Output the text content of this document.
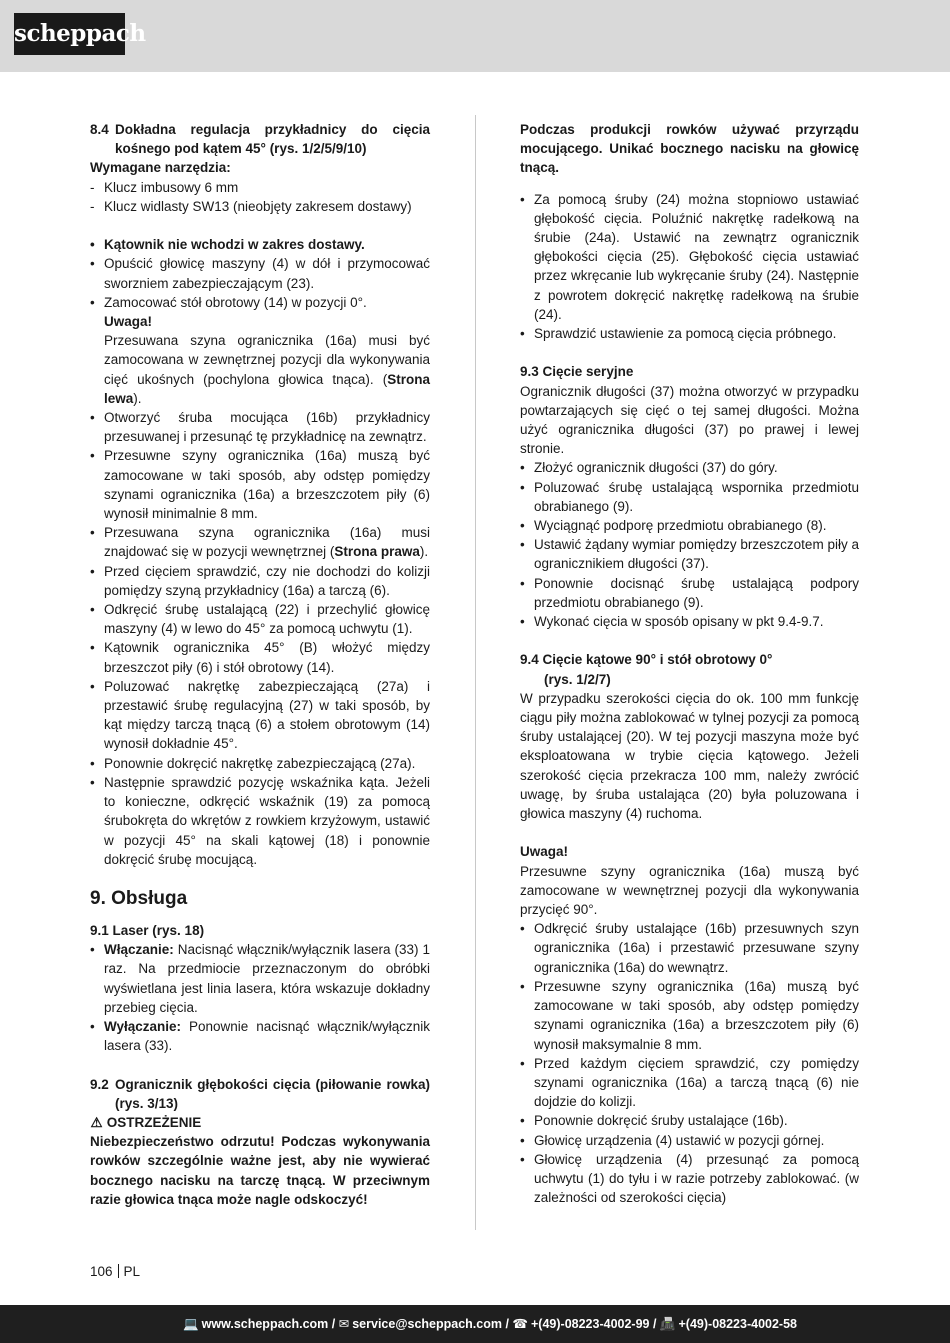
scheppach
8.4 Dokładna regulacja przykładnicy do cięcia kośnego pod kątem 45° (rys. 1/2/5/9/10)

Wymagane narzędzia:

- Klucz imbusowy 6 mm
- Klucz widlasty SW13 (nieobjęty zakresem dostawy)
• Kątownik nie wchodzi w zakres dostawy.
• Opuścić głowicę maszyny (4) w dół i przymocować sworzniem zabezpieczającym (23).
• Zamocować stół obrotowy (14) w pozycji 0°.

Uwaga!

Przesuwana szyna ogranicznika (16a) musi być zamocowana w zewnętrznej pozycji dla wykonywania cięć ukośnych (pochylona głowica tnąca). (Strona lewa).

• Otworzyć śruba mocująca (16b) przykładnicy przesuwanej i przesunąć tę przykładnicę na zewnątrz.
• Przesuwne szyny ogranicznika (16a) muszą być zamocowane w taki sposób, aby odstęp pomiędzy szynami ogranicznika (16a) a brzeszczotem piły (6) wynosił minimalnie 8 mm.
• Przesuwana szyna ogranicznika (16a) musi znajdować się w pozycji wewnętrznej (Strona prawa).
• Przed cięciem sprawdzić, czy nie dochodzi do kolizji pomiędzy szyną przykładnicy (16a) a tarczą (6).
• Odkręcić śrubę ustalającą (22) i przechylić głowicę maszyny (4) w lewo do 45° za pomocą uchwytu (1).
• Kątownik ogranicznika 45° (B) włożyć między brzeszczot piły (6) i stół obrotowy (14).
• Poluzować nakrętkę zabezpieczającą (27a) i przestawić śrubę regulacyjną (27) w taki sposób, by kąt między tarczą tnącą (6) a stołem obrotowym (14) wynosił dokładnie 45°.
• Ponownie dokręcić nakrętkę zabezpieczającą (27a).
• Następnie sprawdzić pozycję wskaźnika kąta. Jeżeli to konieczne, odkręcić wskaźnik (19) za pomocą śrubokręta do wkrętów z rowkiem krzyżowym, ustawić w pozycji 45° na skali kątowej (18) i ponownie dokręcić śrubę mocującą.

9. Obsługa

9.1 Laser (rys. 18)

• Włączanie: Nacisnąć włącznik/wyłącznik lasera (33) 1 raz. Na przedmiocie przeznaczonym do obróbki wyświetlana jest linia lasera, która wskazuje dokładny przebieg cięcia.
• Wyłączanie: Ponownie nacisnąć włącznik/wyłącznik lasera (33).
9.2 Ogranicznik głębokości cięcia (piłowanie rowka) (rys. 3/13)

⚠ OSTRZEŻENIE

Niebezpieczeństwo odrzutu! Podczas wykonywania rowków szczególnie ważne jest, aby nie wywierać bocznego nacisku na tarczę tnącą. W przeciwnym razie głowica tnąca może nagle odskoczyć!

Podczas produkcji rowków używać przyrządu mocującego. Unikać bocznego nacisku na głowicę tnącą.

• Za pomocą śruby (24) można stopniowo ustawiać głębokość cięcia. Poluźnić nakrętkę radełkową na śrubie (24a). Ustawić na zewnątrz ogranicznik głębokości cięcia (25). Głębokość cięcia ustawiać przez wkręcanie lub wykręcanie śruby (24). Następnie z powrotem dokręcić nakrętkę radełkową na śrubie (24).
• Sprawdzić ustawienie za pomocą cięcia próbnego.

9.3 Cięcie seryjne

Ogranicznik długości (37) można otworzyć w przypadku powtarzających się cięć o tej samej długości. Można użyć ogranicznika długości (37) po prawej i lewej stronie.

• Złożyć ogranicznik długości (37) do góry.
• Poluzować śrubę ustalającą wspornika przedmiotu obrabianego (9).
• Wyciągnąć podporę przedmiotu obrabianego (8).
• Ustawić żądany wymiar pomiędzy brzeszczotem piły a ogranicznikiem długości (37).
• Ponownie docisnąć śrubę ustalającą podpory przedmiotu obrabianego (9).
• Wykonać cięcia w sposób opisany w pkt 9.4-9.7.

9.4 Cięcie kątowe 90° i stół obrotowy 0°

(rys. 1/2/7)

W przypadku szerokości cięcia do ok. 100 mm funkcję ciągu piły można zablokować w tylnej pozycji za pomocą śruby ustalającej (20). W tej pozycji maszyna może być eksploatowana w trybie cięcia kątowego. Jeżeli szerokość cięcia przekracza 100 mm, należy zwrócić uwagę, by śruba ustalająca (20) była poluzowana i głowica maszyny (4) ruchoma.

Uwaga!

Przesuwne szyny ogranicznika (16a) muszą być zamocowane w wewnętrznej pozycji dla wykonywania przycięć 90°.

• Odkręcić śruby ustalające (16b) przesuwnych szyn ogranicznika (16a) i przestawić przesuwane szyny ogranicznika (16a) do wewnątrz.
• Przesuwne szyny ogranicznika (16a) muszą być zamocowane w taki sposób, aby odstęp pomiędzy szynami ogranicznika (16a) a brzeszczotem piły (6) wynosił maksymalnie 8 mm.
• Przed każdym cięciem sprawdzić, czy pomiędzy szynami ogranicznika (16a) a tarczą tnącą (6) nie dojdzie do kolizji.
• Ponownie dokręcić śruby ustalające (16b).
• Głowicę urządzenia (4) ustawić w pozycji górnej.
• Głowicę urządzenia (4) przesunąć za pomocą uchwytu (1) do tyłu i w razie potrzeby zablokować. (w zależności od szerokości cięcia)
106 PL
💻 www.scheppach.com / ✉ service@scheppach.com / ☎ +(49)-08223-4002-99 / 📠 +(49)-08223-4002-58
